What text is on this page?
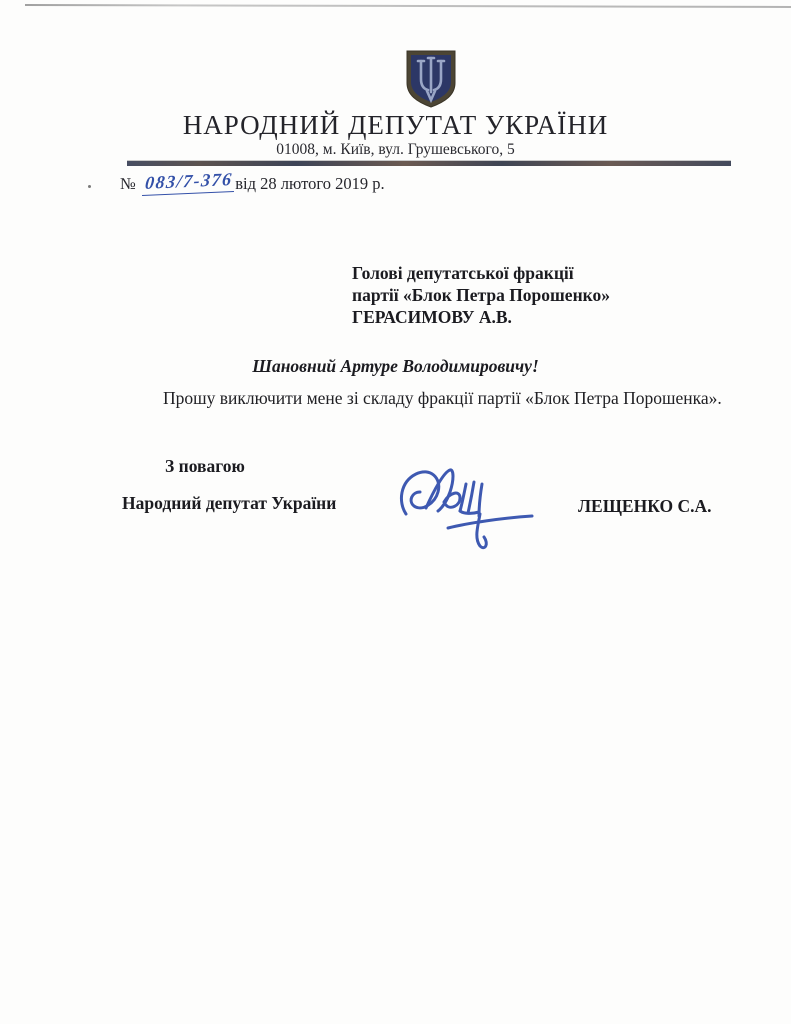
НАРОДНИЙ ДЕПУТАТ УКРАЇНИ
01008, м. Київ, вул. Грушевського, 5
№ 083/7-376 від 28 лютого 2019 р.
Голові депутатської фракції
партії «Блок Петра Порошенко»
ГЕРАСИМОВУ А.В.
Шановний Артуре Володимировичу!
Прошу виключити мене зі складу фракції партії «Блок Петра Порошенка».
З повагою
Народний депутат України	ЛЕЩЕНКО С.А.
